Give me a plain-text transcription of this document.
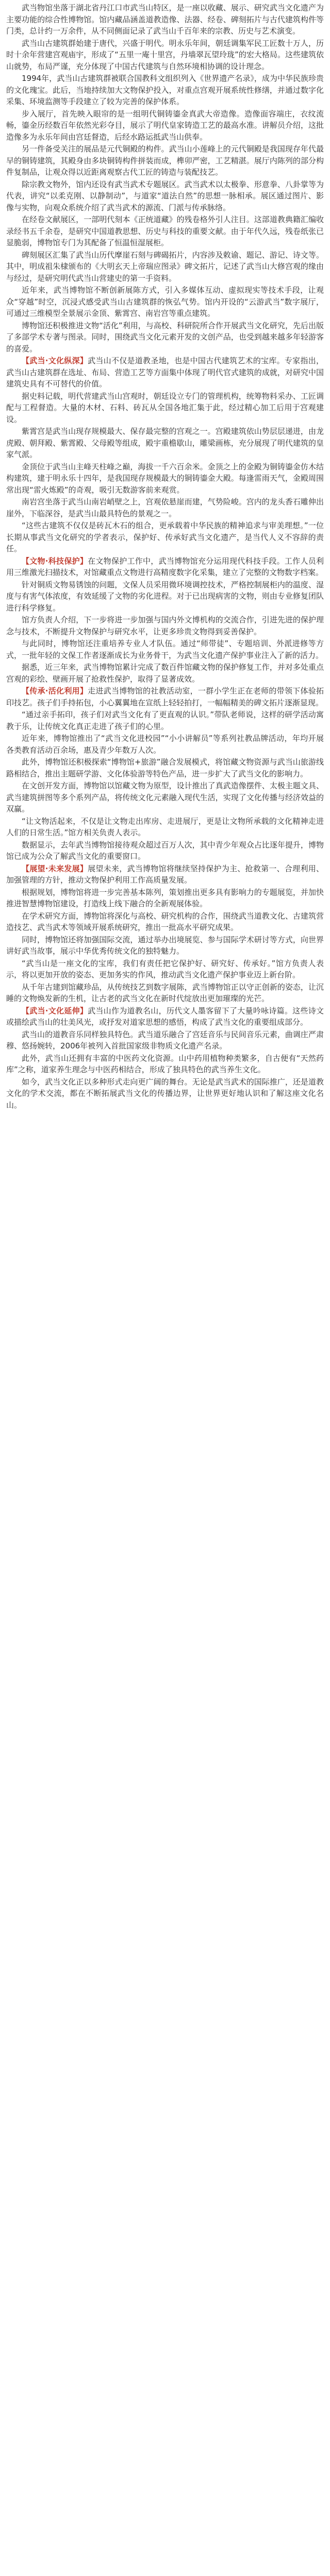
武当物馆坐落于湖北省丹江口市武当山特区，是一座以收藏、展示、研究武当文化遗产为主要功能的综合性博物馆。馆内藏品涵盖道教造像、法器、经卷、碑刻拓片与古代建筑构件等门类，总计约一万余件，从不同侧面记录了武当山千百年来的宗教、历史与艺术演变。

武当山古建筑群始建于唐代，兴盛于明代。明永乐年间，朝廷调集军民工匠数十万人，历时十余年营建宫观庙宇，形成了“五里一庵十里宫，丹墙翠瓦望玲珑”的宏大格局。这些建筑依山就势，布局严谨，充分体现了中国古代建筑与自然环境相协调的设计理念。

1994年，武当山古建筑群被联合国教科文组织列入《世界遗产名录》，成为中华民族珍贵的文化瑰宝。此后，当地持续加大文物保护投入，对重点宫观开展系统性修缮，并通过数字化采集、环境监测等手段建立了较为完善的保护体系。

步入展厅，首先映入眼帘的是一组明代铜铸鎏金真武大帝造像。造像面容端庄，衣纹流畅，鎏金历经数百年依然光彩夺目，展示了明代皇家铸造工艺的最高水准。讲解员介绍，这批造像多为永乐年间由宫廷督造，后经水路运抵武当山供奉。

另一件备受关注的展品是元代铜殿的构件。武当山小莲峰上的元代铜殿是我国现存年代最早的铜铸建筑，其殿身由多块铜铸构件拼装而成，榫卯严密，工艺精湛。展厅内陈列的部分构件复制品，让观众得以近距离观察古代工匠的铸造与装配技艺。

除宗教文物外，馆内还设有武当武术专题展区。武当武术以太极拳、形意拳、八卦掌等为代表，讲究“以柔克刚、以静制动”，与道家“道法自然”的思想一脉相承。展区通过图片、影像与实物，向观众系统介绍了武当武术的源流、门派与传承脉络。

在经卷文献展区，一部明代刻本《正统道藏》的残卷格外引人注目。这部道教典籍汇编收录经书五千余卷，是研究中国道教思想、历史与科技的重要文献。由于年代久远，残卷纸张已显脆弱，博物馆专门为其配备了恒温恒湿展柜。

碑刻展区汇集了武当山历代摩崖石刻与碑碣拓片，内容涉及敕谕、题记、游记、诗文等。其中，明成祖朱棣颁布的《大明玄天上帝瑞应图录》碑文拓片，记述了武当山大修宫观的缘由与经过，是研究明代武当山营建史的第一手资料。

近年来，武当博物馆不断创新展陈方式，引入多媒体互动、虚拟现实等技术手段，让观众“穿越”时空，沉浸式感受武当山古建筑群的恢弘气势。馆内开设的“云游武当”数字展厅，可通过三维模型全景展示金顶、紫霄宫、南岩宫等重点建筑。

博物馆还积极推进文物“活化”利用，与高校、科研院所合作开展武当文化研究，先后出版了多部学术专著与图录。同时，围绕武当文化元素开发的文创产品，也受到越来越多年轻游客的喜爱。

【武当·文化纵深】武当山不仅是道教圣地，也是中国古代建筑艺术的宝库。专家指出，武当山古建筑群在选址、布局、营造工艺等方面集中体现了明代官式建筑的成就，对研究中国建筑史具有不可替代的价值。

据史料记载，明代营建武当山宫观时，朝廷设立专门的管理机构，统筹物料采办、工匠调配与工程督造。大量的木材、石料、砖瓦从全国各地汇集于此，经过精心加工后用于宫观建设。

紫霄宫是武当山现存规模最大、保存最完整的宫观之一。宫殿建筑依山势层层递进，由龙虎殿、朝拜殿、紫霄殿、父母殿等组成，殿宇重檐歇山，雕梁画栋，充分展现了明代建筑的皇家气派。

金顶位于武当山主峰天柱峰之巅，海拔一千六百余米。金顶之上的金殿为铜铸鎏金仿木结构建筑，建于明永乐十四年，是我国现存规模最大的铜铸鎏金大殿。每逢雷雨天气，金殿周围常出现“雷火炼殿”的奇观，吸引无数游客前来观赏。

南岩宫坐落于武当山南岩峭壁之上，宫观依悬崖而建，气势险峻。宫内的龙头香石雕伸出崖外，下临深谷，是武当山最具特色的景观之一。

“这些古建筑不仅仅是砖瓦木石的组合，更承载着中华民族的精神追求与审美理想。”一位长期从事武当文化研究的学者表示，保护好、传承好武当文化遗产，是当代人义不容辞的责任。

【文物·科技保护】在文物保护工作中，武当博物馆充分运用现代科技手段。工作人员利用三维激光扫描技术，对馆藏重点文物进行高精度数字化采集，建立了完整的文物数字档案。

针对铜质文物易锈蚀的问题，文保人员采用微环境调控技术，严格控制展柜内的温度、湿度与有害气体浓度，有效延缓了文物的劣化进程。对于已出现病害的文物，则由专业修复团队进行科学修复。

馆方负责人介绍，下一步将进一步加强与国内外文博机构的交流合作，引进先进的保护理念与技术，不断提升文物保护与研究水平，让更多珍贵文物得到妥善保护。

与此同时，博物馆还注重培养专业人才队伍。通过“师带徒”、专题培训、外派进修等方式，一批年轻的文保工作者逐渐成长为业务骨干，为武当文化遗产保护事业注入了新的活力。

据悉，近三年来，武当博物馆累计完成了数百件馆藏文物的保护修复工作，并对多处重点宫观的彩绘、壁画开展了抢救性保护，取得了显著成效。

【传承·活化利用】走进武当博物馆的社教活动室，一群小学生正在老师的带领下体验拓印技艺。孩子们手持拓包，小心翼翼地在宣纸上轻轻拍打，一幅幅精美的碑文拓片逐渐显现。

“通过亲手拓印，孩子们对武当文化有了更直观的认识。”带队老师说，这样的研学活动寓教于乐，让传统文化真正走进了孩子们的心里。

近年来，博物馆推出了“武当文化进校园”“小小讲解员”等系列社教品牌活动，年均开展各类教育活动百余场，惠及青少年数万人次。

此外，博物馆还积极探索“博物馆+旅游”融合发展模式，将馆藏文物资源与武当山旅游线路相结合，推出主题研学游、文化体验游等特色产品，进一步扩大了武当文化的影响力。

在文创开发方面，博物馆以馆藏文物为原型，设计推出了真武造像摆件、太极主题文具、武当建筑拼图等多个系列产品，将传统文化元素融入现代生活，实现了文化传播与经济效益的双赢。

“让文物活起来，不仅是让文物走出库房、走进展厅，更是让文物所承载的文化精神走进人们的日常生活。”馆方相关负责人表示。

数据显示，去年武当博物馆接待观众超过百万人次，其中青少年观众占比逐年提升，博物馆已成为公众了解武当文化的重要窗口。

【展望·未来发展】展望未来，武当博物馆将继续坚持保护为主、抢救第一、合理利用、加强管理的方针，推动文物保护利用工作高质量发展。

根据规划，博物馆将进一步完善基本陈列，策划推出更多具有影响力的专题展览，并加快推进智慧博物馆建设，打造线上线下融合的全新观展体验。

在学术研究方面，博物馆将深化与高校、研究机构的合作，围绕武当道教文化、古建筑营造技艺、武当武术等领域开展系统研究，推出一批高水平研究成果。

同时，博物馆还将加强国际交流，通过举办出境展览、参与国际学术研讨等方式，向世界讲好武当故事，展示中华优秀传统文化的独特魅力。

“武当山是一座文化的宝库，我们有责任把它保护好、研究好、传承好。”馆方负责人表示，将以更加开放的姿态、更加务实的作风，推动武当文化遗产保护事业迈上新台阶。

从千年古建到馆藏珍品，从传统技艺到数字展陈，武当博物馆正以守正创新的姿态，让沉睡的文物焕发新的生机，让古老的武当文化在新时代绽放出更加璀璨的光芒。

【武当·文化延伸】武当山作为道教名山，历代文人墨客留下了大量吟咏诗篇。这些诗文或描绘武当山的壮美风光，或抒发对道家思想的感悟，构成了武当文化的重要组成部分。

武当山的道教音乐同样独具特色。武当道乐融合了宫廷音乐与民间音乐元素，曲调庄严肃穆、悠扬婉转，2006年被列入首批国家级非物质文化遗产名录。

此外，武当山还拥有丰富的中医药文化资源。山中药用植物种类繁多，自古便有“天然药库”之称，道家养生理念与中医药相结合，形成了独具特色的武当养生文化。

如今，武当文化正以多种形式走向更广阔的舞台。无论是武当武术的国际推广，还是道教文化的学术交流，都在不断拓展武当文化的传播边界，让世界更好地认识和了解这座文化名山。
